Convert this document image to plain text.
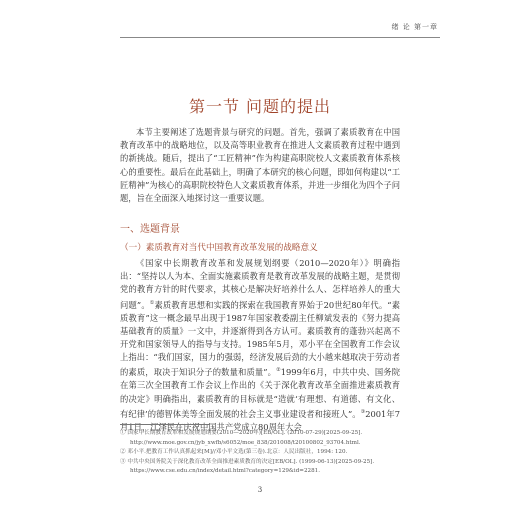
绪 论 第一章
第一节 问题的提出
本节主要阐述了选题背景与研究的问题。首先，强调了素质教育在中国教育改革中的战略地位，以及高等职业教育在推进人文素质教育过程中遇到的新挑战。随后，提出了“工匠精神”作为构建高职院校人文素质教育体系核心的重要性。最后在此基础上，明确了本研究的核心问题，即如何构建以“工匠精神”为核心的高职院校特色人文素质教育体系，并进一步细化为四个子问题，旨在全面深入地探讨这一重要议题。
一、选题背景
（一）素质教育对当代中国教育改革发展的战略意义
《国家中长期教育改革和发展规划纲要（2010—2020年）》明确指出：“坚持以人为本、全面实施素质教育是教育改革发展的战略主题，是贯彻党的教育方针的时代要求，其核心是解决好培养什么人、怎样培养人的重大问题”。①素质教育思想和实践的探索在我国教育界始于20世纪80年代。“素质教育”这一概念最早出现于1987年国家教委副主任柳斌发表的《努力提高基础教育的质量》一文中，并逐渐得到各方认可。素质教育的蓬勃兴起离不开党和国家领导人的指导与支持。1985年5月，邓小平在全国教育工作会议上指出：“我们国家，国力的强弱，经济发展后劲的大小越来越取决于劳动者的素质，取决于知识分子的数量和质量”。②1999年6月，中共中央、国务院在第三次全国教育工作会议上作出的《关于深化教育改革全面推进素质教育的决定》明确指出，素质教育的目标就是“造就‘有理想、有道德、有文化、有纪律’的德智体美等全面发展的社会主义事业建设者和接班人”。③2001年7月1日，江泽民在庆祝中国共产党成立80周年大会
① 国家中长期教育改革和发展规划纲要(2010—2020年)[EB/OL]. (2010-07-29)[2025-09-25]. http://www.moe.gov.cn/jyb_xwfb/s6052/moe_838/201008/t20100802_93704.html.
② 邓小平.把教育工作认真抓起来[M]//邓小平文选(第三卷).北京：人民出版社，1994: 120.
③ 中共中央国务院关于深化教育改革全面推进素质教育的决定[EB/OL]. (1999-06-13)[2025-09-25]. https://www.cse.edu.cn/index/detail.html?category=129&id=2281.
3
